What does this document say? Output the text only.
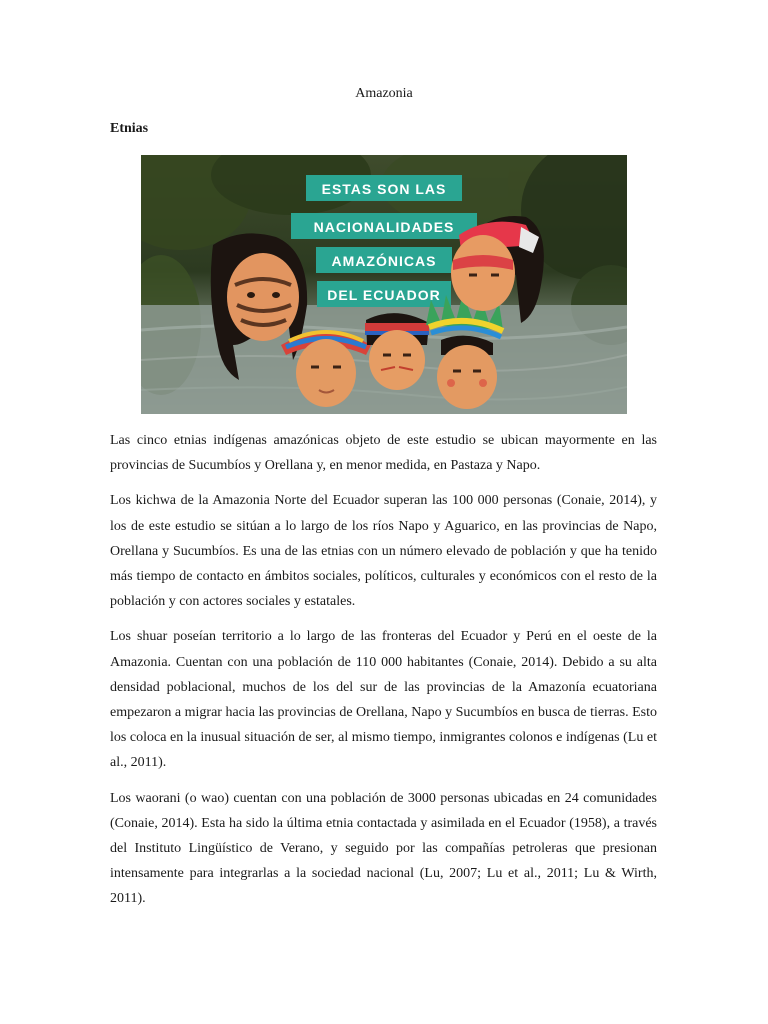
Amazonia
Etnias
ESTAS SON LAS
NACIONALIDADES
AMAZÓNICAS
DEL ECUADOR

Las cinco etnias indígenas amazónicas objeto de este estudio se ubican mayormente en las provincias de Sucumbíos y Orellana y, en menor medida, en Pastaza y Napo.

Los kichwa de la Amazonia Norte del Ecuador superan las 100 000 personas (Conaie, 2014), y los de este estudio se sitúan a lo largo de los ríos Napo y Aguarico, en las provincias de Napo, Orellana y Sucumbíos. Es una de las etnias con un número elevado de población y que ha tenido más tiempo de contacto en ámbitos sociales, políticos, culturales y económicos con el resto de la población y con actores sociales y estatales.

Los shuar poseían territorio a lo largo de las fronteras del Ecuador y Perú en el oeste de la Amazonia. Cuentan con una población de 110 000 habitantes (Conaie, 2014). Debido a su alta densidad poblacional, muchos de los del sur de las provincias de la Amazonía ecuatoriana empezaron a migrar hacia las provincias de Orellana, Napo y Sucumbíos en busca de tierras. Esto los coloca en la inusual situación de ser, al mismo tiempo, inmigrantes colonos e indígenas (Lu et al., 2011).

Los waorani (o wao) cuentan con una población de 3000 personas ubicadas en 24 comunidades (Conaie, 2014). Esta ha sido la última etnia contactada y asimilada en el Ecuador (1958), a través del Instituto Lingüístico de Verano, y seguido por las compañías petroleras que presionan intensamente para integrarlas a la sociedad nacional (Lu, 2007; Lu et al., 2011; Lu & Wirth, 2011).
